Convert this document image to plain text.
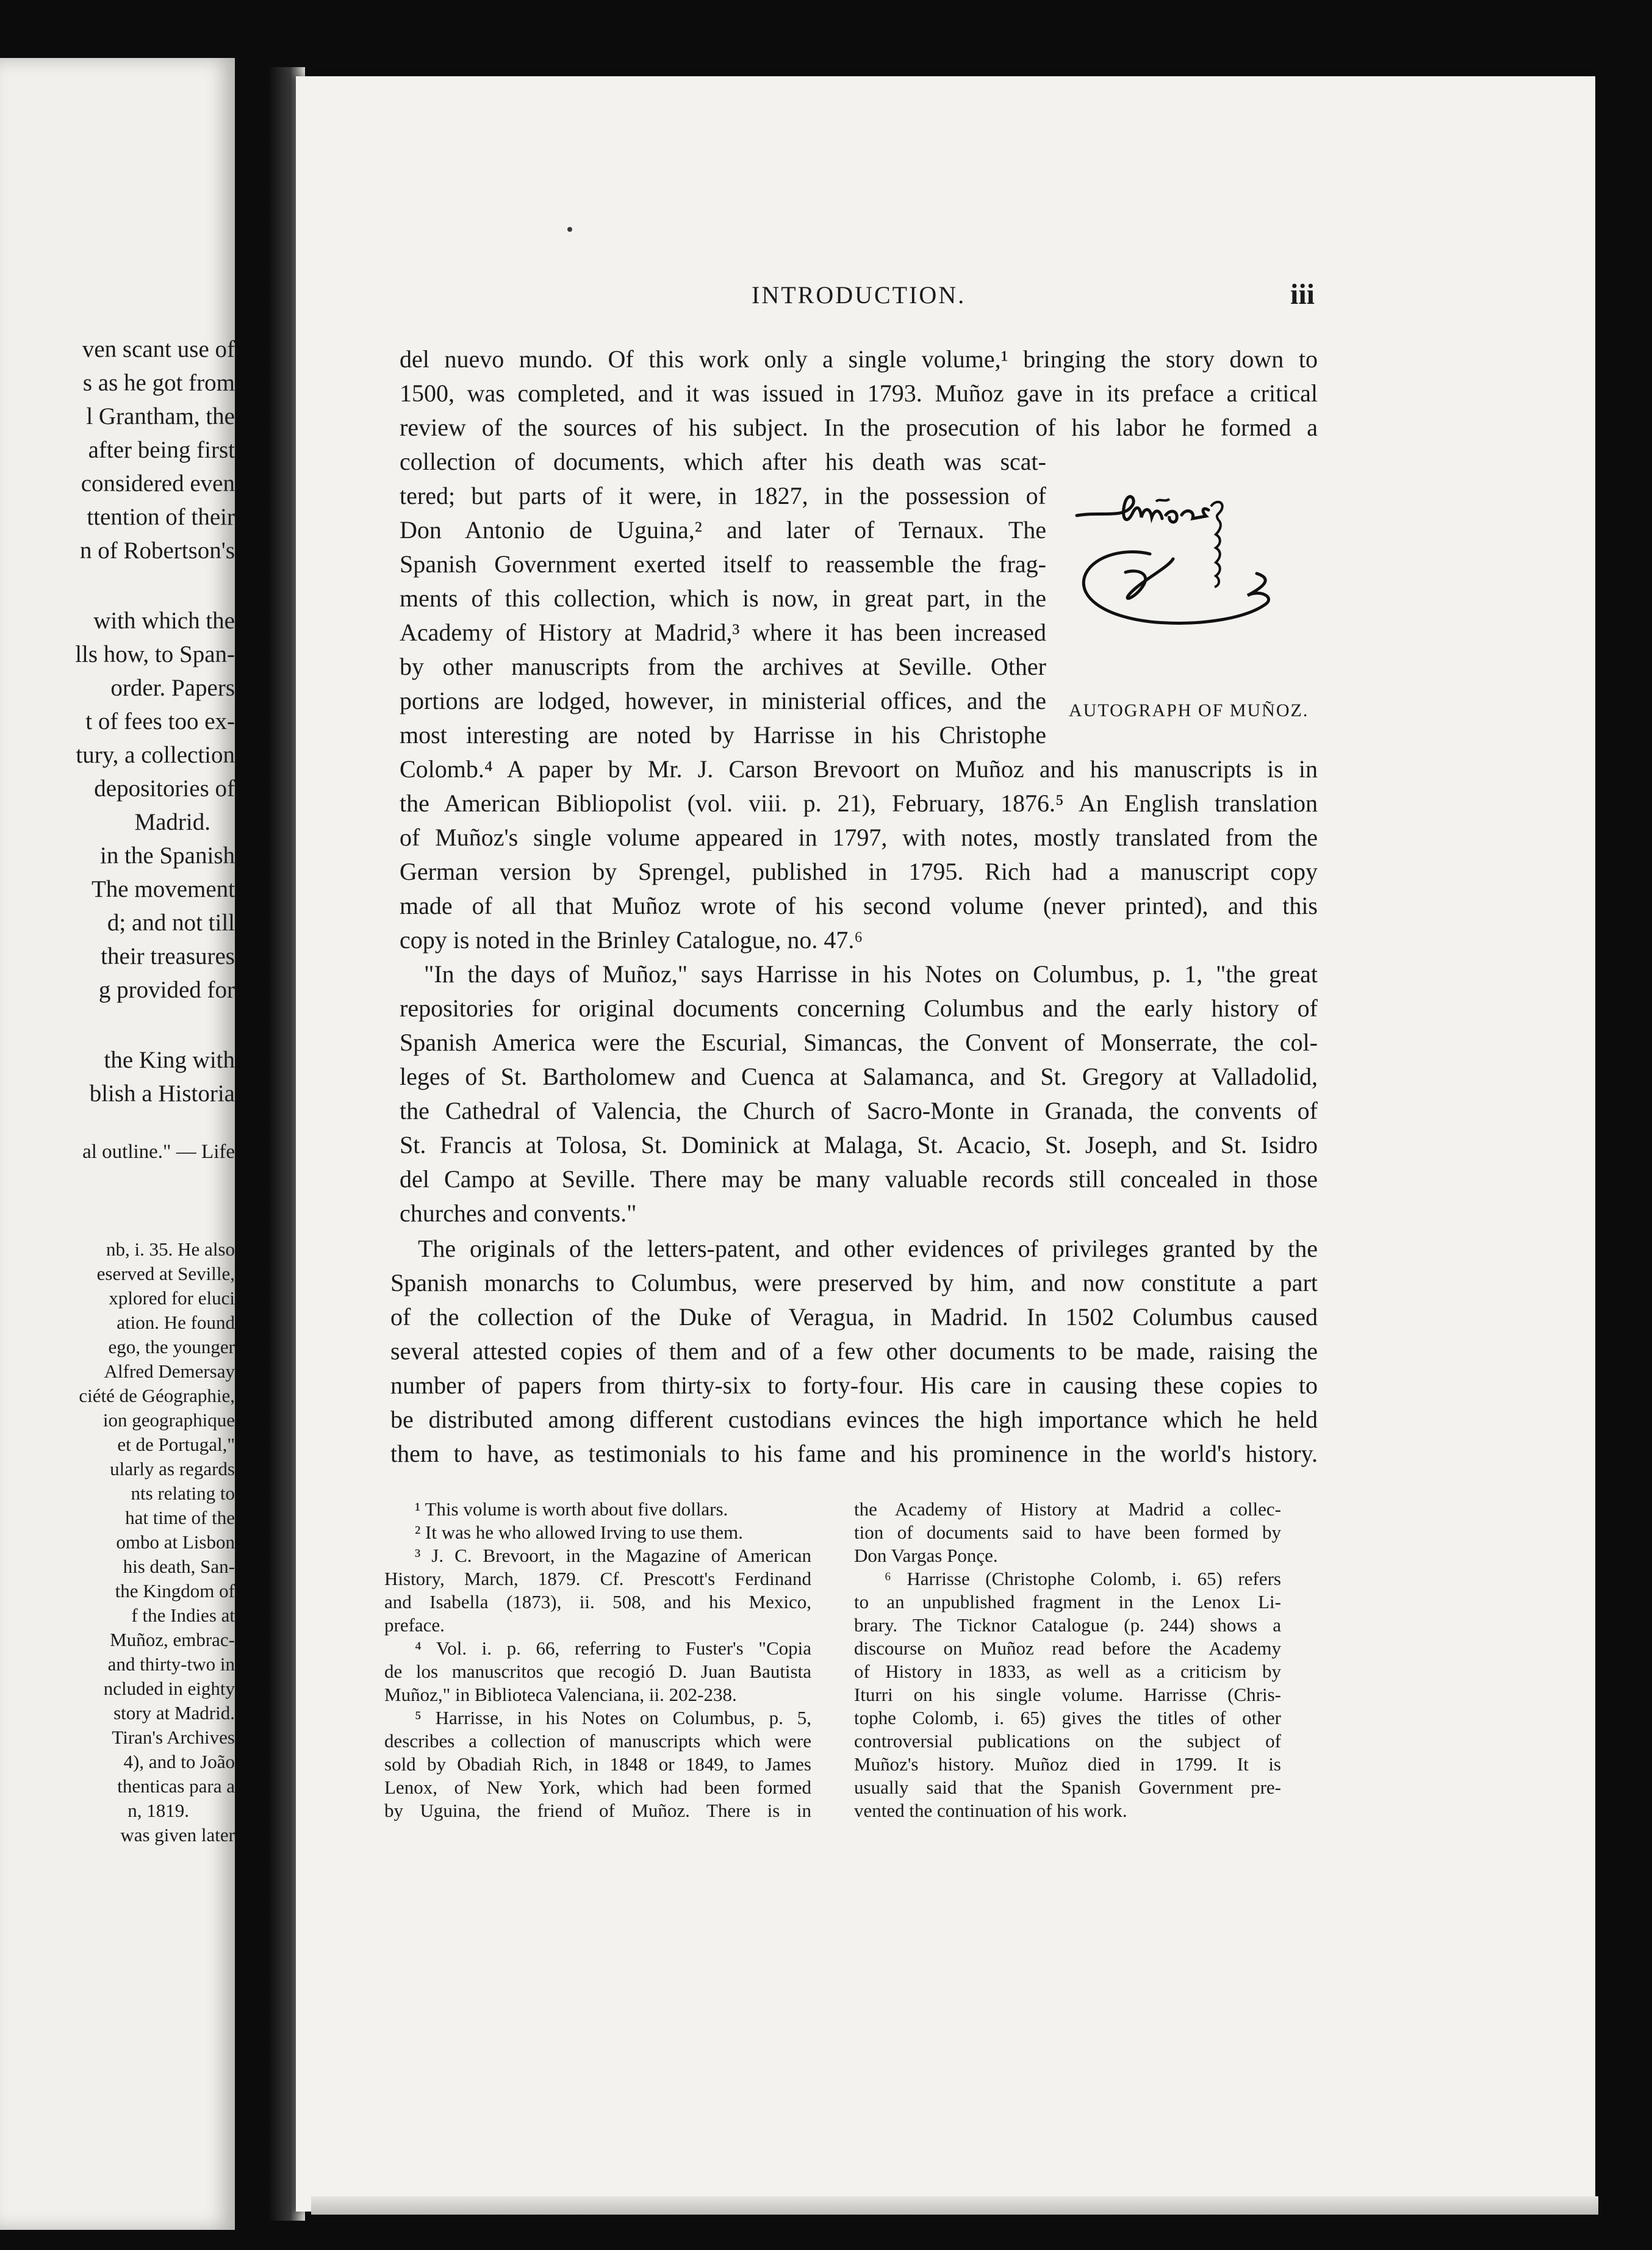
ven scant use of
s as he got from
l Grantham, the
after being first
considered even
ttention of their
n of Robertson's
with which the
lls how, to Span-
order. Papers
t of fees too ex-
tury, a collection
depositories of
Madrid.
in the Spanish
The movement
d; and not till
their treasures
g provided for
the King with
blish a Historia
al outline." — Life
nb, i. 35. He also
eserved at Seville,
xplored for eluci
ation. He found
ego, the younger
Alfred Demersay
ciété de Géographie,
ion geographique
et de Portugal,"
ularly as regards
nts relating to
hat time of the
ombo at Lisbon
his death, San-
the Kingdom of
f the Indies at
Muñoz, embrac-
and thirty-two in
ncluded in eighty
story at Madrid.
Tiran's Archives
4), and to João
thenticas para a
n, 1819.
was given later
INTRODUCTION.	iii
del nuevo mundo. Of this work only a single volume,¹ bringing the story down to
1500, was completed, and it was issued in 1793. Muñoz gave in its preface a critical
review of the sources of his subject. In the prosecution of his labor he formed a
collection of documents, which after his death was scat-
tered; but parts of it were, in 1827, in the possession of
Don Antonio de Uguina,² and later of Ternaux. The
Spanish Government exerted itself to reassemble the frag-
ments of this collection, which is now, in great part, in the
Academy of History at Madrid,³ where it has been increased
by other manuscripts from the archives at Seville. Other
portions are lodged, however, in ministerial offices, and the
most interesting are noted by Harrisse in his Christophe
Colomb.⁴ A paper by Mr. J. Carson Brevoort on Muñoz and his manuscripts is in
the American Bibliopolist (vol. viii. p. 21), February, 1876.⁵ An English translation
of Muñoz's single volume appeared in 1797, with notes, mostly translated from the
German version by Sprengel, published in 1795. Rich had a manuscript copy
made of all that Muñoz wrote of his second volume (never printed), and this
copy is noted in the Brinley Catalogue, no. 47.⁶
"In the days of Muñoz," says Harrisse in his Notes on Columbus, p. 1, "the great
repositories for original documents concerning Columbus and the early history of
Spanish America were the Escurial, Simancas, the Convent of Monserrate, the col-
leges of St. Bartholomew and Cuenca at Salamanca, and St. Gregory at Valladolid,
the Cathedral of Valencia, the Church of Sacro-Monte in Granada, the convents of
St. Francis at Tolosa, St. Dominick at Malaga, St. Acacio, St. Joseph, and St. Isidro
del Campo at Seville. There may be many valuable records still concealed in those
churches and convents."
The originals of the letters-patent, and other evidences of privileges granted by the
Spanish monarchs to Columbus, were preserved by him, and now constitute a part
of the collection of the Duke of Veragua, in Madrid. In 1502 Columbus caused
several attested copies of them and of a few other documents to be made, raising the
number of papers from thirty-six to forty-four. His care in causing these copies to
be distributed among different custodians evinces the high importance which he held
them to have, as testimonials to his fame and his prominence in the world's history.
AUTOGRAPH OF MUÑOZ.
¹ This volume is worth about five dollars.
² It was he who allowed Irving to use them.
³ J. C. Brevoort, in the Magazine of American
History, March, 1879. Cf. Prescott's Ferdinand
and Isabella (1873), ii. 508, and his Mexico,
preface.
⁴ Vol. i. p. 66, referring to Fuster's "Copia
de los manuscritos que recogió D. Juan Bautista
Muñoz," in Biblioteca Valenciana, ii. 202-238.
⁵ Harrisse, in his Notes on Columbus, p. 5,
describes a collection of manuscripts which were
sold by Obadiah Rich, in 1848 or 1849, to James
Lenox, of New York, which had been formed
by Uguina, the friend of Muñoz. There is in
the Academy of History at Madrid a collec-
tion of documents said to have been formed by
Don Vargas Ponçe.
⁶ Harrisse (Christophe Colomb, i. 65) refers
to an unpublished fragment in the Lenox Li-
brary. The Ticknor Catalogue (p. 244) shows a
discourse on Muñoz read before the Academy
of History in 1833, as well as a criticism by
Iturri on his single volume. Harrisse (Chris-
tophe Colomb, i. 65) gives the titles of other
controversial publications on the subject of
Muñoz's history. Muñoz died in 1799. It is
usually said that the Spanish Government pre-
vented the continuation of his work.
